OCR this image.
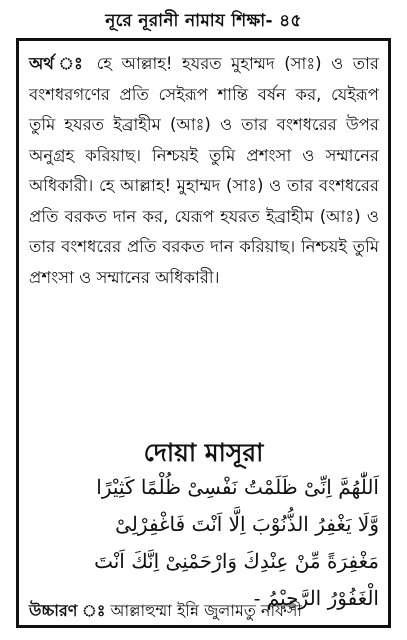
নূরে নূরানী নামায শিক্ষা- ৪৫
অর্থ ঃ হে আল্লাহ! হযরত মুহাম্মদ (সাঃ) ও তার বংশধরগণের প্রতি সেইরূপ শান্তি বর্ষন কর, যেইরূপ তুমি হযরত ইব্রাহীম (আঃ) ও তার বংশধরের উপর অনুগ্রহ করিয়াছ। নিশ্চয়ই তুমি প্রশংসা ও সম্মানের অধিকারী। হে আল্লাহ! মুহাম্মদ (সাঃ) ও তার বংশধরের প্রতি বরকত দান কর, যেরূপ হযরত ইব্রাহীম (আঃ) ও তার বংশধরের প্রতি বরকত দান করিয়াছ। নিশ্চয়ই তুমি প্রশংসা ও সম্মানের অধিকারী।
দোয়া মাসূরা
اَللّٰهُمَّ اِنِّىْ ظَلَمْتُ نَفْسِىْ ظُلْمًا كَثِيْرًا
وَّلَا يَغْفِرُ الذُّنُوْبَ اِلَّا اَنْتَ فَاغْفِرْلِىْ
مَغْفِرَةً مِّنْ عِنْدِكَ وَارْحَمْنِىْ اِنَّكَ اَنْتَ
الْغَفُوْرُ الرَّحِيْمُ -
উচ্চারণ ঃ আল্লাহুম্মা ইন্নি জুলামতু নাফসী
